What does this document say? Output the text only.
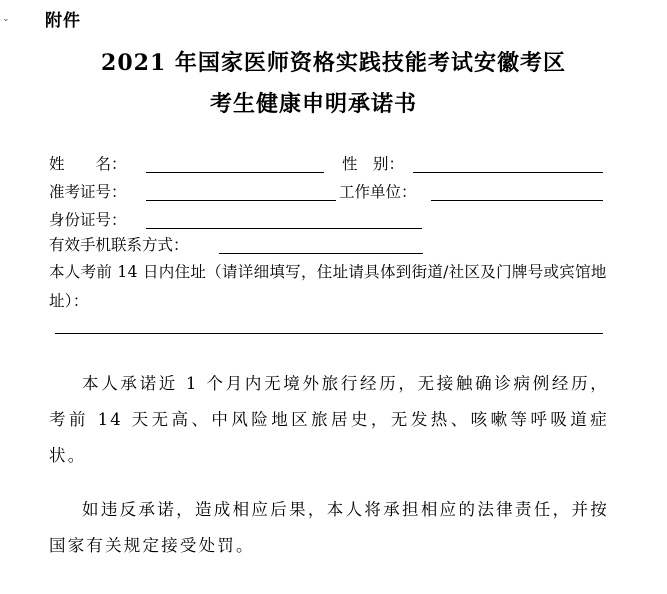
⌄ 附件
2021 年国家医师资格实践技能考试安徽考区
考生健康申明承诺书
姓　　名：	性　别：
准考证号：	工作单位：
身份证号：
有效手机联系方式：
本人考前 14 日内住址（请详细填写，住址请具体到街道/社区及门牌号或宾馆地址）：
本人承诺近 1 个月内无境外旅行经历，无接触确诊病例经历，考前 14 天无高、中风险地区旅居史，无发热、咳嗽等呼吸道症状。
如违反承诺，造成相应后果，本人将承担相应的法律责任，并按国家有关规定接受处罚。
